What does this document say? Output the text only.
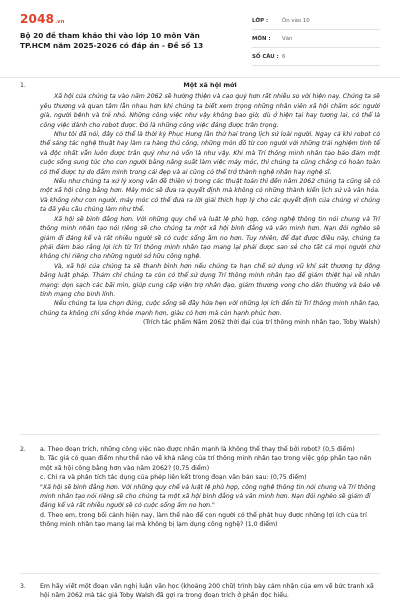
2048.vn
Bộ 20 đề tham khảo thi vào lớp 10 môn Văn TP.HCM năm 2025-2026 có đáp án - Đề số 13
LỚP :	Ôn vào 10
MÔN :	Văn
SỐ CÂU : 6
1.	Một xã hội mới

Xã hội của chúng ta vào năm 2062 sẽ hướng thiện và cao quý hơn rất nhiều so với hiện nay. Chúng ta sẽ yêu thương và quan tâm lẫn nhau hơn khi chúng ta biết xem trọng những nhân viên xã hội chăm sóc người già, người bệnh và trẻ nhỏ. Những công việc như vậy không bao giờ, dù ở hiện tại hay tương lai, có thể là công việc dành cho robot được. Đó là những công việc đáng được trân trọng.

Như tôi đã nói, đây có thể là thời kỳ Phục Hưng lần thứ hai trong lịch sử loài người. Ngay cả khi robot có thể sáng tác nghệ thuật hay làm ra hàng thủ công, những món đồ từ con người với những trải nghiệm tinh tế và độc nhất vẫn luôn được trân quý như nó vốn là như vậy. Khi mà Trí thông minh nhân tạo bảo đảm một cuộc sống sung túc cho con người bằng năng suất làm việc máy móc, thì chúng ta cũng chẳng có hoàn toàn có thể được tự do đắm mình trong cái đẹp và ai cũng có thể trở thành nghệ nhân hay nghệ sĩ.

Nếu như chúng ta xử lý xong vấn đề thiên vị trong các thuật toán thì đến năm 2062 chúng ta cũng sẽ có một xã hội công bằng hơn. Máy móc sẽ đưa ra quyết định mà không có những thành kiến lịch sử và văn hóa. Và không như con người, máy móc có thể đưa ra lời giải thích hợp lý cho các quyết định của chúng vì chúng ta đã yêu cầu chúng làm như thế.

Xã hội sẽ bình đẳng hơn. Với những quy chế và luật lệ phù hợp, công nghệ thông tin nói chung và Trí thông minh nhân tạo nói riêng sẽ cho chúng ta một xã hội bình đẳng và văn minh hơn. Nạn đói nghèo sẽ giảm đi đáng kể và rất nhiều người sẽ có cuộc sống ấm no hơn. Tuy nhiên, để đạt được điều này, chúng ta phải đảm bảo rằng lợi ích từ Trí thông minh nhân tạo mang lại phải được san sẻ cho tất cả mọi người chứ không chỉ riêng cho những người sở hữu công nghệ.

Và, xã hội của chúng ta sẽ thanh bình hơn nếu chúng ta hạn chế sử dụng vũ khí sát thương tự động bằng luật pháp. Thảm chí chúng ta còn có thể sử dụng Trí thông minh nhân tạo để giám thiệt hại về nhân mạng: dọn sạch các bãi mìn, giúp cung cấp viện trợ nhân đạo, giảm thương vong cho dân thường và bảo vệ tính mạng cho binh lính.

Nếu chúng ta lựa chọn đúng, cuộc sống sẽ đầy hứa hẹn với những lợi ích đến từ Trí thông minh nhân tạo, chúng ta không chỉ sống khỏe mạnh hơn, giàu có hơn mà còn hạnh phúc hơn.

(Trích tác phẩm Năm 2062 thời đại của trí thông minh nhân tạo, Toby Walsh)
2. a. Theo đoạn trích, những công việc nào được nhấn mạnh là không thể thay thế bởi robot? (0,5 điểm)

b. Tác giả có quan điểm như thế nào về khả năng của trí thông minh nhân tạo trong việc góp phần tạo nên một xã hội công bằng hơn vào năm 2062? (0,75 điểm)

c. Chỉ ra và phân tích tác dụng của phép liên kết trong đoạn văn bản sau: (0,75 điểm)

"Xã hội sẽ bình đẳng hơn. Với những quy chế và luật lệ phù hợp, công nghệ thông tin nói chung và Trí thông minh nhân tạo nói riêng sẽ cho chúng ta một xã hội bình đẳng và văn minh hơn. Nạn đói nghèo sẽ giảm đi đáng kể và rất nhiều người sẽ có cuộc sống ấm no hơn."

d. Theo em, trong bối cảnh hiện nay, làm thế nào để con người có thể phát huy được những lợi ích của trí thông minh nhân tạo mang lại mà không bị lạm dụng công nghệ? (1,0 điểm)

3. Em hãy viết một đoạn văn nghị luận văn học (khoảng 200 chữ) trình bày cảm nhận của em về bức tranh xã hội năm 2062 mà tác giả Toby Walsh đã gợi ra trong đoạn trích ở phần đọc hiểu.
